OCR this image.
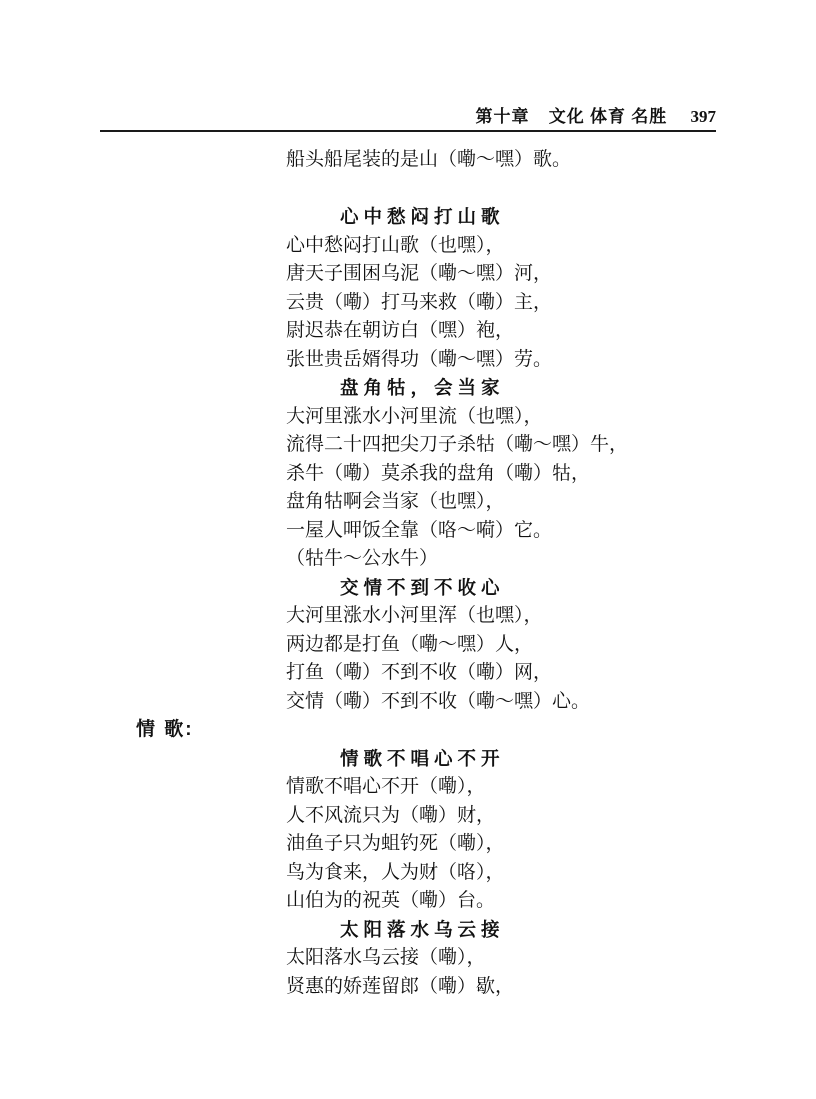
第十章 文化 体育 名胜 397
船头船尾装的是山（嘞～嘿）歌。
心中愁闷打山歌
心中愁闷打山歌（也嘿），
唐天子围困乌泥（嘞～嘿）河，
云贵（嘞）打马来救（嘞）主，
尉迟恭在朝访白（嘿）袍，
张世贵岳婿得功（嘞～嘿）劳。
盘角牯，会当家
大河里涨水小河里流（也嘿），
流得二十四把尖刀子杀牯（嘞～嘿）牛，
杀牛（嘞）莫杀我的盘角（嘞）牯，
盘角牯啊会当家（也嘿），
一屋人呷饭全靠（咯～嗬）它。
（牯牛～公水牛）
交情不到不收心
大河里涨水小河里浑（也嘿），
两边都是打鱼（嘞～嘿）人，
打鱼（嘞）不到不收（嘞）网，
交情（嘞）不到不收（嘞～嘿）心。
情 歌:
情歌不唱心不开
情歌不唱心不开（嘞），
人不风流只为（嘞）财，
油鱼子只为蛆钓死（嘞），
鸟为食来，人为财（咯），
山伯为的祝英（嘞）台。
太阳落水乌云接
太阳落水乌云接（嘞），
贤惠的娇莲留郎（嘞）歇，
